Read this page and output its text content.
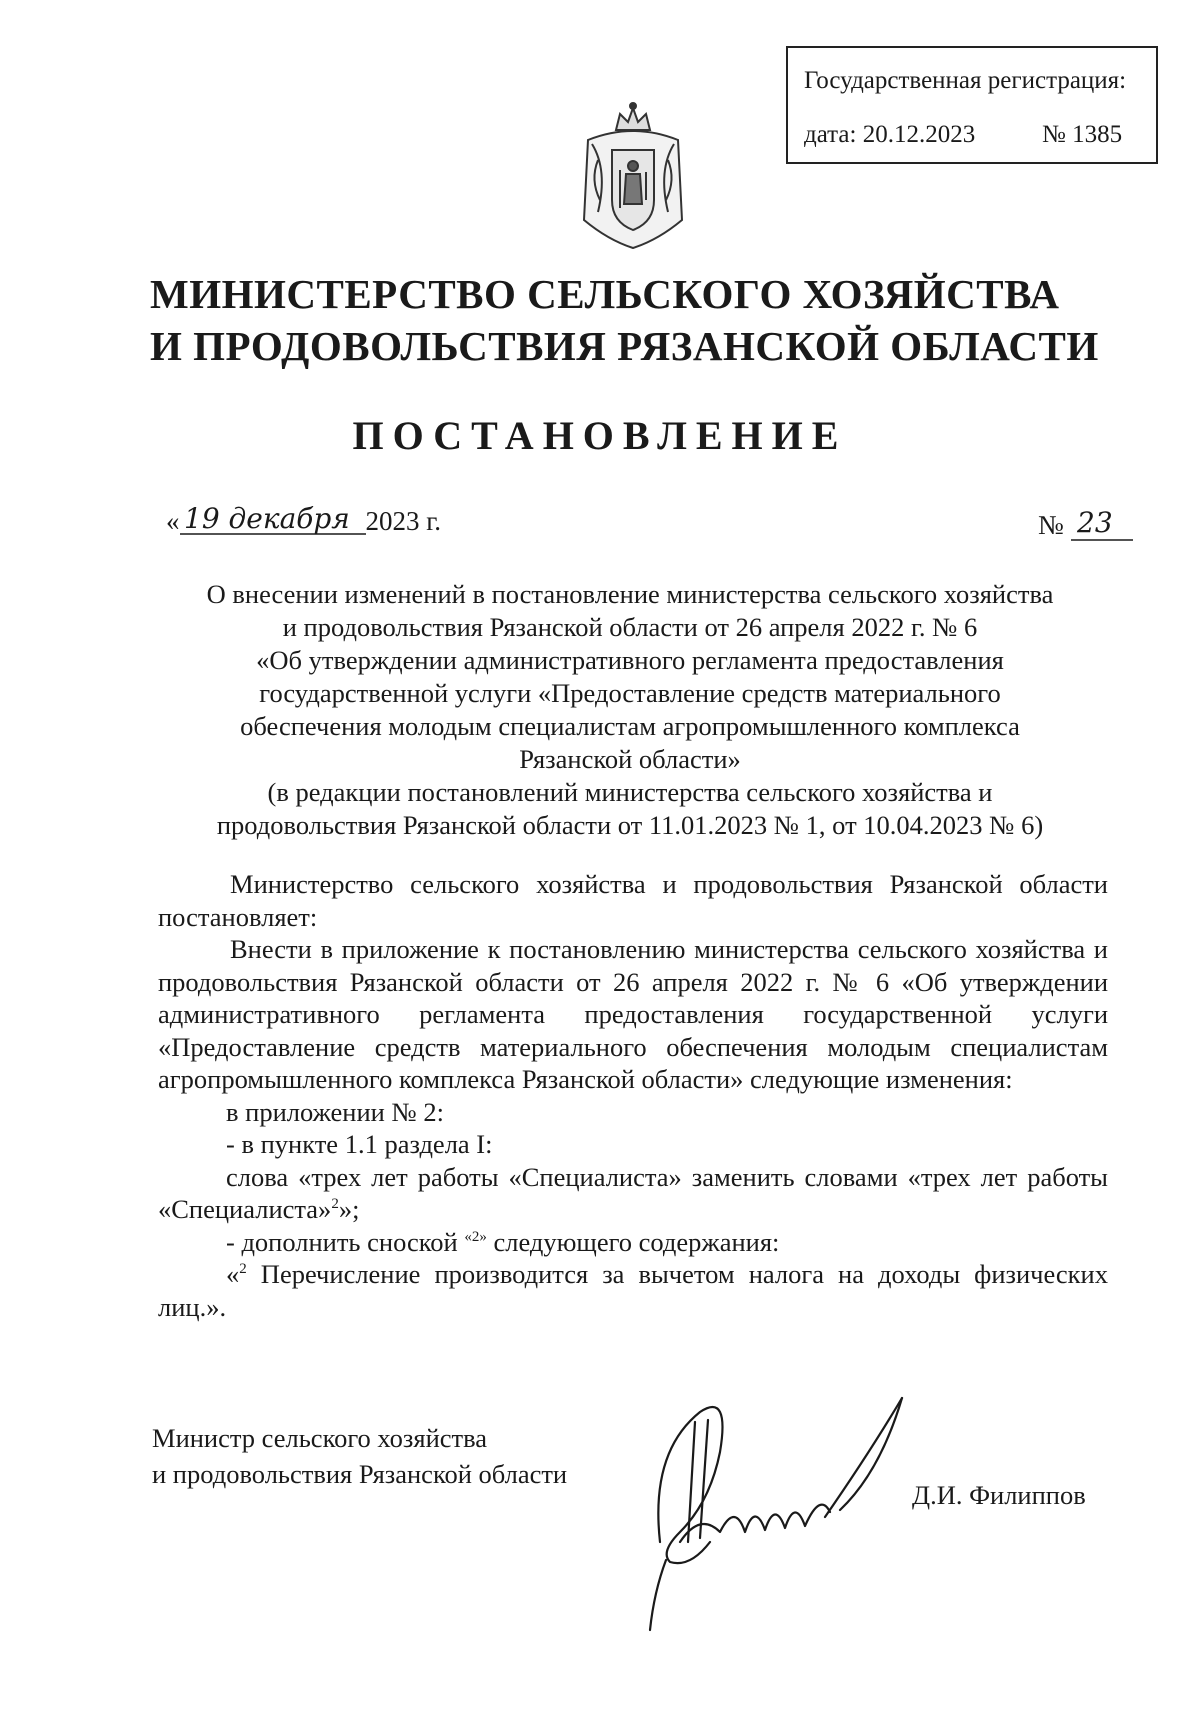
Государственная регистрация:
дата: 20.12.2023	№ 1385
МИНИСТЕРСТВО СЕЛЬСКОГО ХОЗЯЙСТВА
И ПРОДОВОЛЬСТВИЯ РЯЗАНСКОЙ ОБЛАСТИ
ПОСТАНОВЛЕНИЕ
« 19 декабря 2023 г.	№ 23
О внесении изменений в постановление министерства сельского хозяйства
и продовольствия Рязанской области от 26 апреля 2022 г. № 6
«Об утверждении административного регламента предоставления
государственной услуги «Предоставление средств материального
обеспечения молодым специалистам агропромышленного комплекса
Рязанской области»
(в редакции постановлений министерства сельского хозяйства и
продовольствия Рязанской области от 11.01.2023 № 1, от 10.04.2023 № 6)

Министерство сельского хозяйства и продовольствия Рязанской области постановляет:

Внести в приложение к постановлению министерства сельского хозяйства и продовольствия Рязанской области от 26 апреля 2022 г. № 6 «Об утверждении административного регламента предоставления государственной услуги «Предоставление средств материального обеспечения молодым специалистам агропромышленного комплекса Рязанской области» следующие изменения:

в приложении № 2:

- в пункте 1.1 раздела I:

слова «трех лет работы «Специалиста» заменить словами «трех лет работы «Специалиста»$^2$»;

- дополнить сноской $^{«2»}$ следующего содержания:

«$^2$ Перечисление производится за вычетом налога на доходы физических лиц.».

Министр сельского хозяйства
и продовольствия Рязанской области
Филиппов
Д.И. Филиппов
